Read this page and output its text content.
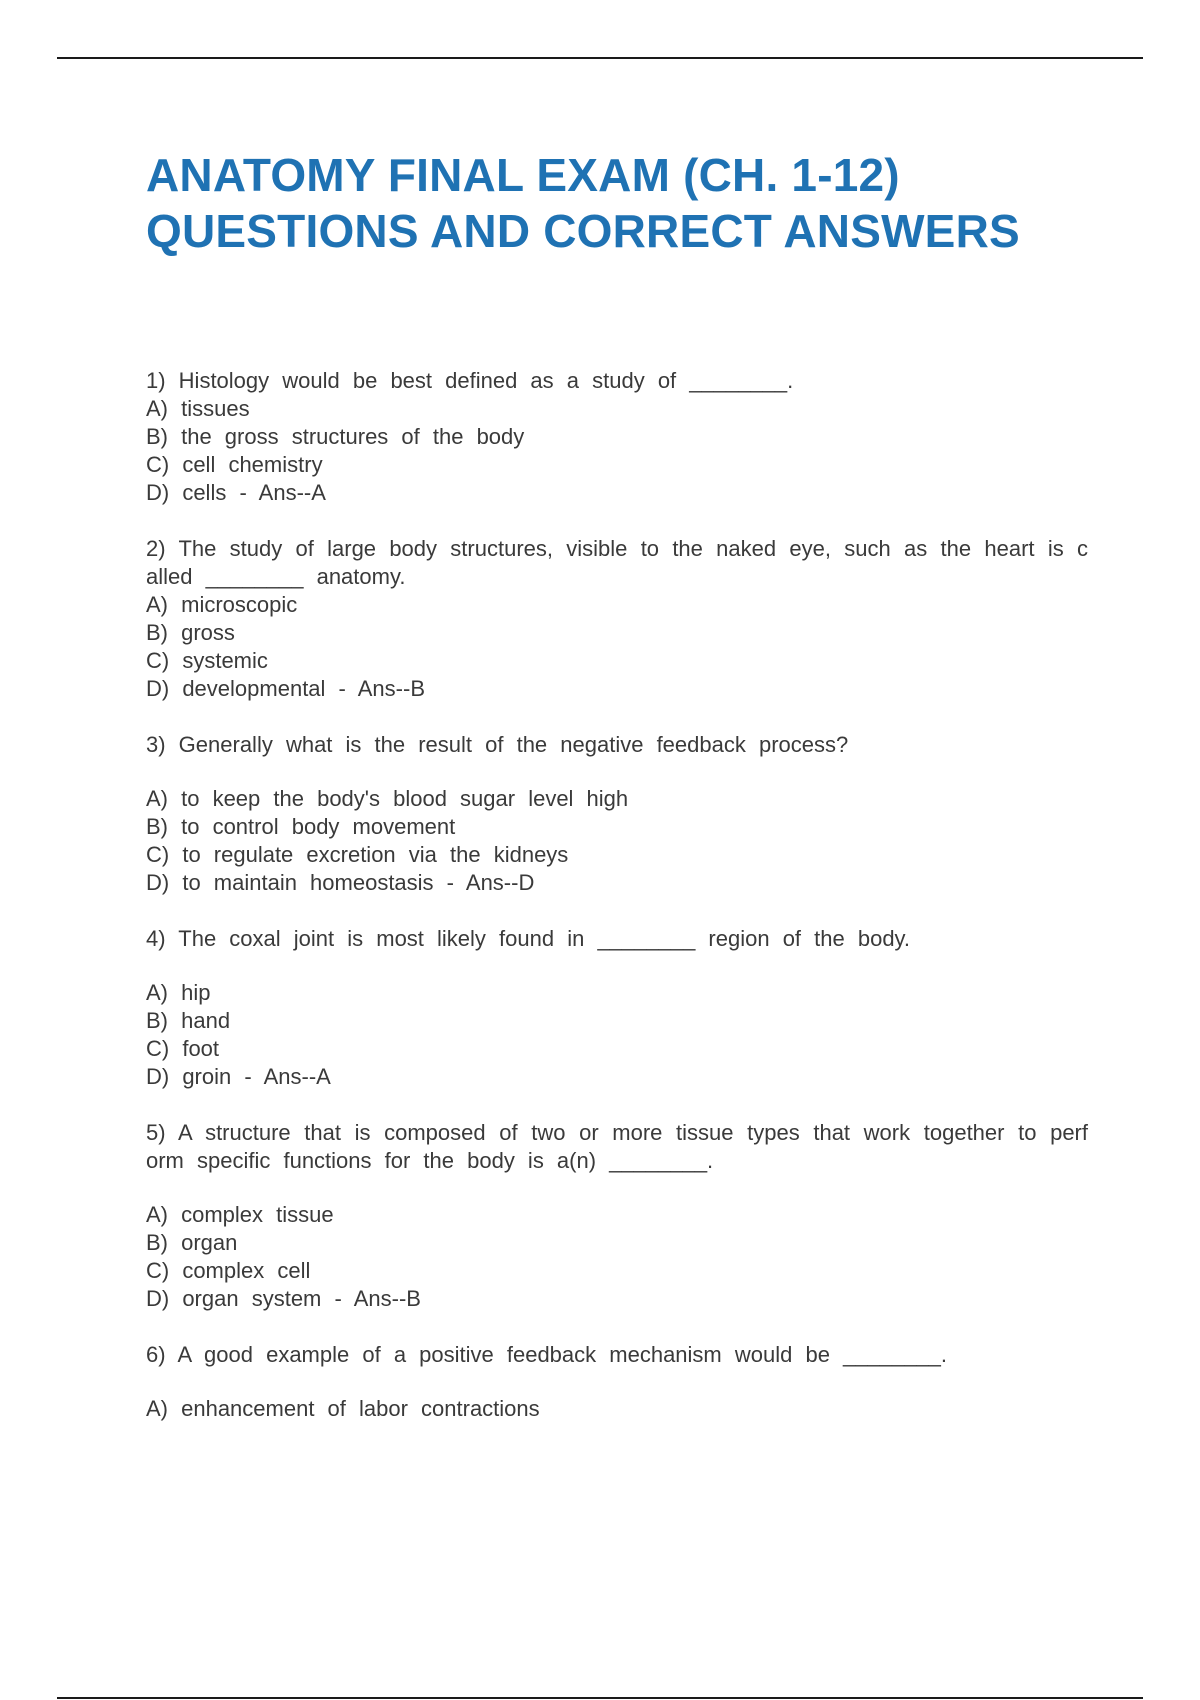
ANATOMY FINAL EXAM (CH. 1-12) QUESTIONS AND CORRECT ANSWERS

1) Histology would be best defined as a study of ________.

A) tissues
B) the gross structures of the body
C) cell chemistry
D) cells - Ans--A

2) The study of large body structures, visible to the naked eye, such as the heart is called ________ anatomy.

A) microscopic
B) gross
C) systemic
D) developmental - Ans--B

3) Generally what is the result of the negative feedback process?

A) to keep the body's blood sugar level high
B) to control body movement
C) to regulate excretion via the kidneys
D) to maintain homeostasis - Ans--D

4) The coxal joint is most likely found in ________ region of the body.

A) hip
B) hand
C) foot
D) groin - Ans--A

5) A structure that is composed of two or more tissue types that work together to perform specific functions for the body is a(n) ________.

A) complex tissue
B) organ
C) complex cell
D) organ system - Ans--B

6) A good example of a positive feedback mechanism would be ________.

A) enhancement of labor contractions
